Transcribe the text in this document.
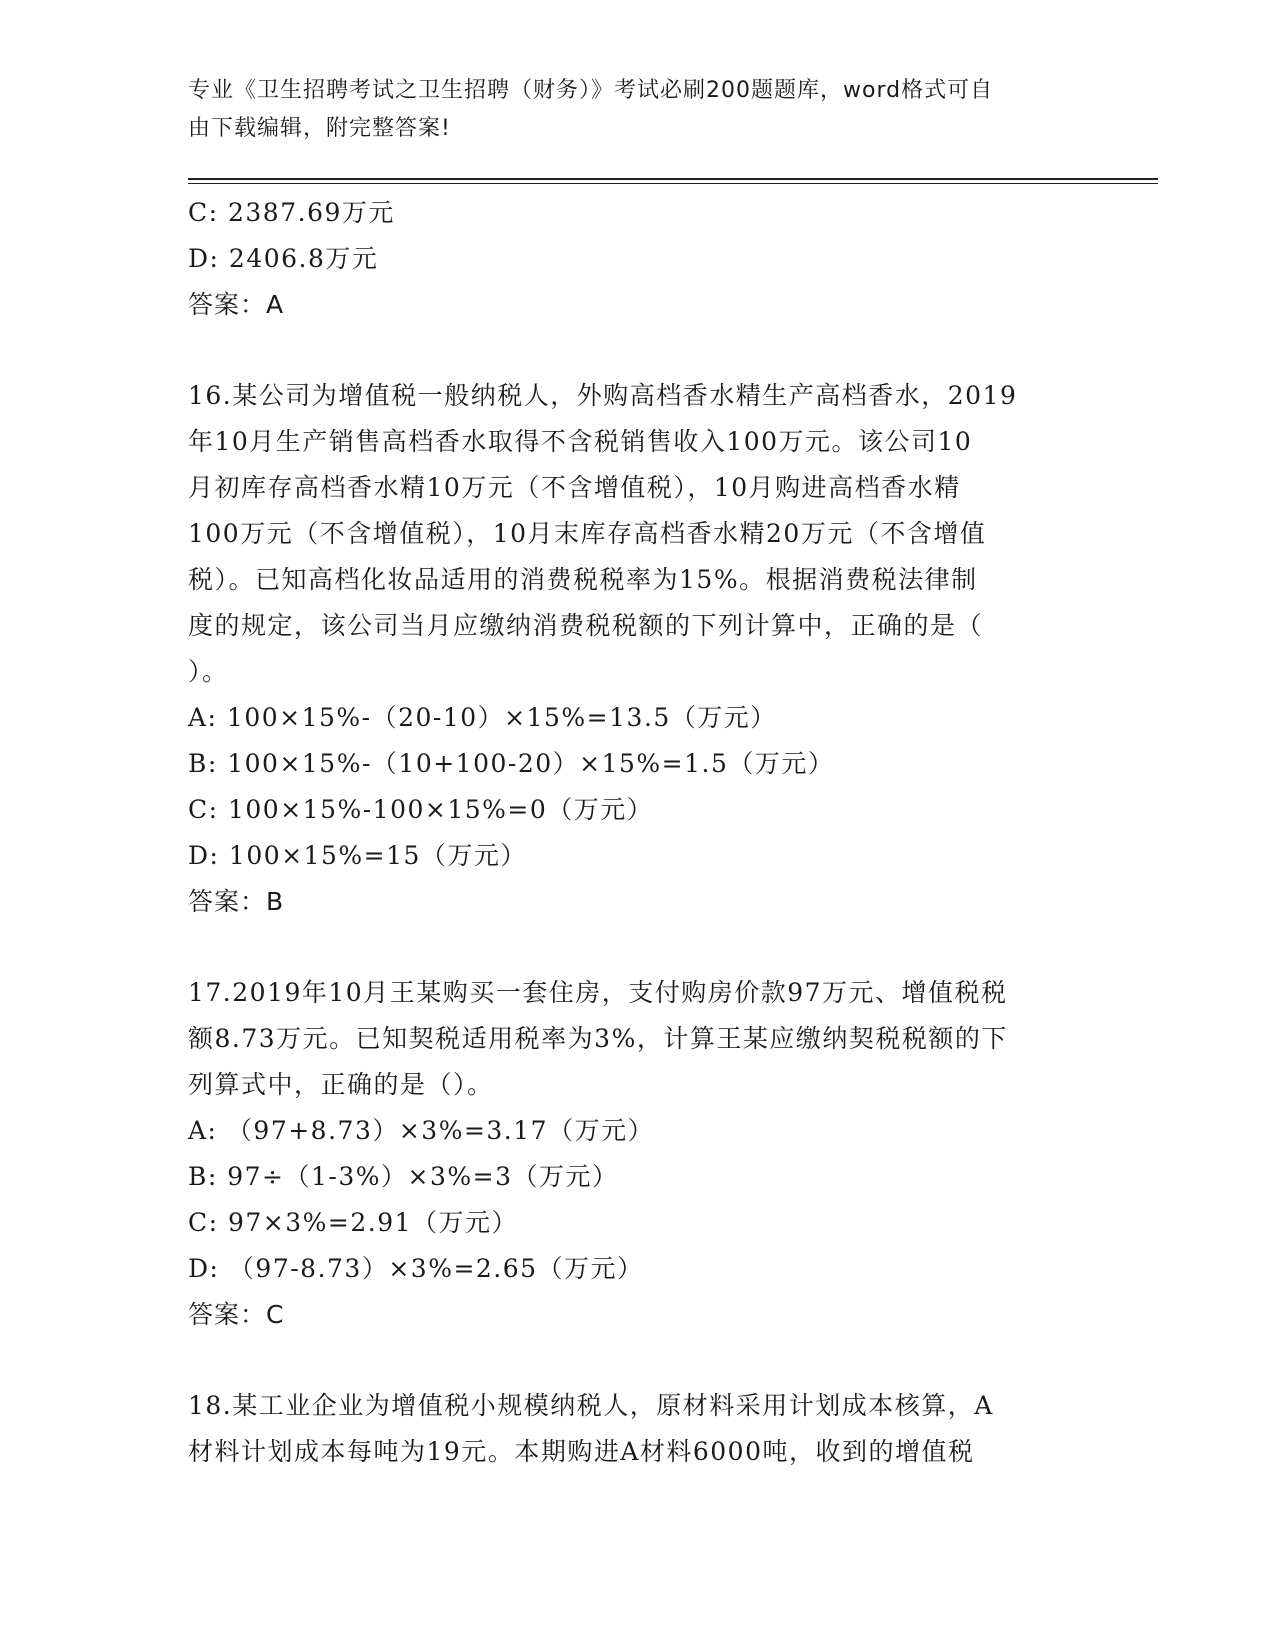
专业《卫生招聘考试之卫生招聘（财务）》考试必刷200题题库，word格式可自
由下载编辑，附完整答案!
C: 2387.69万元
D: 2406.8万元
答案：A
16.某公司为增值税一般纳税人，外购高档香水精生产高档香水，2019
年10月生产销售高档香水取得不含税销售收入100万元。该公司10
月初库存高档香水精10万元（不含增值税），10月购进高档香水精
100万元（不含增值税），10月末库存高档香水精20万元（不含增值
税）。已知高档化妆品适用的消费税税率为15%。根据消费税法律制
度的规定，该公司当月应缴纳消费税税额的下列计算中，正确的是（
）。
A: 100×15%-（20-10）×15%=13.5（万元）
B: 100×15%-（10+100-20）×15%=1.5（万元）
C: 100×15%-100×15%=0（万元）
D: 100×15%=15（万元）
答案：B
17.2019年10月王某购买一套住房，支付购房价款97万元、增值税税
额8.73万元。已知契税适用税率为3%，计算王某应缴纳契税税额的下
列算式中，正确的是（）。
A: （97+8.73）×3%=3.17（万元）
B: 97÷（1-3%）×3%=3（万元）
C: 97×3%=2.91（万元）
D: （97-8.73）×3%=2.65（万元）
答案：C
18.某工业企业为增值税小规模纳税人，原材料采用计划成本核算，A
材料计划成本每吨为19元。本期购进A材料6000吨，收到的增值税
